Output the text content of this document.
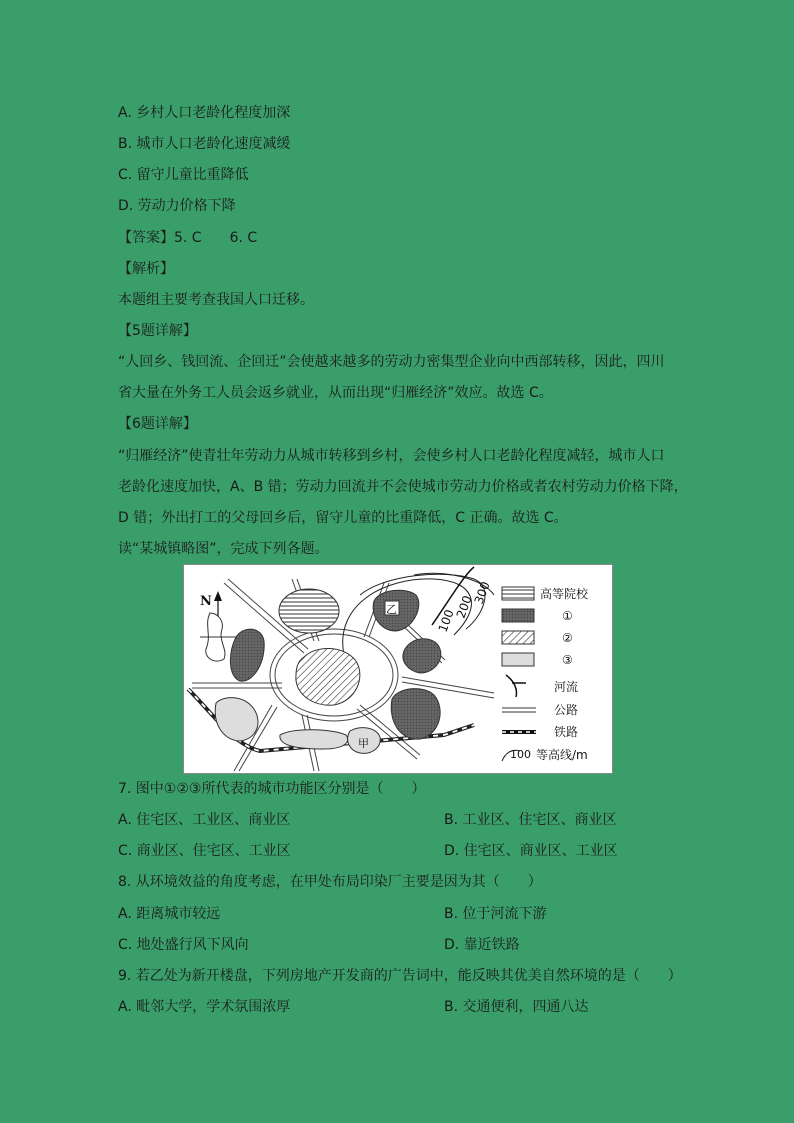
A. 乡村人口老龄化程度加深
B. 城市人口老龄化速度减缓
C. 留守儿童比重降低
D. 劳动力价格下降
【答案】5. C　　6. C
【解析】
本题组主要考查我国人口迁移。
【5题详解】
“人回乡、钱回流、企回迁”会使越来越多的劳动力密集型企业向中西部转移，因此，四川
省大量在外务工人员会返乡就业，从而出现“归雁经济”效应。故选 C。
【6题详解】
“归雁经济”使青壮年劳动力从城市转移到乡村，会使乡村人口老龄化程度减轻，城市人口
老龄化速度加快，A、B 错；劳动力回流并不会使城市劳动力价格或者农村劳动力价格下降，
D 错；外出打工的父母回乡后，留守儿童的比重降低，C 正确。故选 C。
读“某城镇略图”，完成下列各题。
100
200
300
乙
甲
N	高等院校
①
②
③
河流
公路
铁路
100 等高线/m
7. 图中①②③所代表的城市功能区分别是（　　）
A. 住宅区、工业区、商业区	B. 工业区、住宅区、商业区
C. 商业区、住宅区、工业区	D. 住宅区、商业区、工业区
8. 从环境效益的角度考虑，在甲处布局印染厂主要是因为其（　　）
A. 距离城市较远	B. 位于河流下游
C. 地处盛行风下风向	D. 靠近铁路
9. 若乙处为新开楼盘，下列房地产开发商的广告词中，能反映其优美自然环境的是（　　）
A. 毗邻大学，学术氛围浓厚	B. 交通便利，四通八达
